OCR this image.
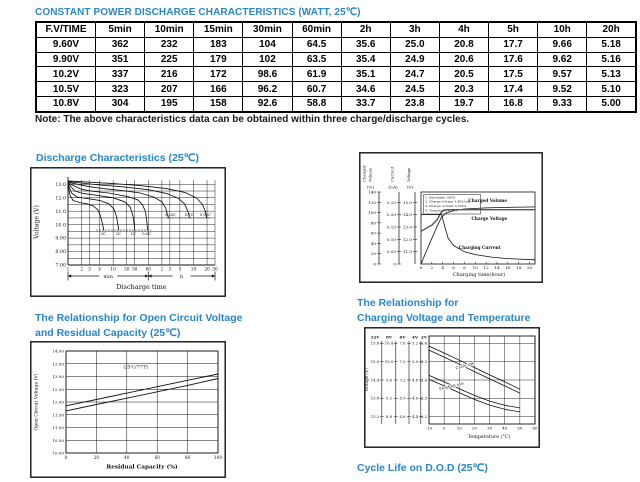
CONSTANT POWER DISCHARGE CHARACTERISTICS (WATT, 25℃)
F.V/TIME	5min	10min	15min	30min	60min	2h	3h	4h	5h	10h	20h
9.60V	362	232	183	104	64.5	35.6	25.0	20.8	17.7	9.66	5.18
9.90V	351	225	179	102	63.5	35.4	24.9	20.6	17.6	9.62	5.16
10.2V	337	216	172	98.6	61.9	35.1	24.7	20.5	17.5	9.57	5.13
10.5V	323	207	166	96.2	60.7	34.6	24.5	20.3	17.4	9.52	5.10
10.8V	304	195	158	92.6	58.8	33.7	23.8	19.7	16.8	9.33	5.00
Note: The above characteristics data can be obtained within three charge/discharge cycles.
Discharge Characteristics (25℃)
Voltage (V)
13.0
12.0
11.0
10.0
9.00
8.00
7.00
1	2 3 5 10 20 30 60 2 3 5 10 20 30
min	h
Discharge time
3C	2C	1C 0.6C
0.25C 0.1C 0.05C
0
20
40
60
80
100
120
140
0
0.05
0.10
0.15
0.20
0.25
11.0
12.0
13.0
14.0
15.0
Charged Volume	Current	Voltage
(%)	(CA) (V)
0 2 4 6 8 10 12 14 16 18 20
Charging time(hour)
1. Discharge 100%
2. Charge voltage 2.40V/cell
3. Charge current 0.20CA
4. Temperature 25℃
Charged Volume
Charge Voltage
Charging Current
The Relationship for
Charging Voltage and Temperature
12V
15.6
15.0
14.4
13.8
13.2
8V
10.4
10.0
9.6
9.2
8.8
6V
7.8
7.5
7.2
6.9
6.6
4V
5.2
5.0
4.8
4.6
4.4
2V
2.6
2.5
2.4
2.3
2.2
Voltage (V)
-10	0	10	20	30	40	50	60
Temperature (°C)
Cycle use
Floating use
The Relationship for Open Circuit Voltage
and Residual Capacity (25℃)
14.00
13.50
13.00
12.50
12.00
11.50
11.00
10.50
10.00
Open Circuit Voltage (V)
0	20	40	60	80	100
Residual Capacity (%)
(25℃/77°F)
Cycle Life on D.O.D (25℃)
